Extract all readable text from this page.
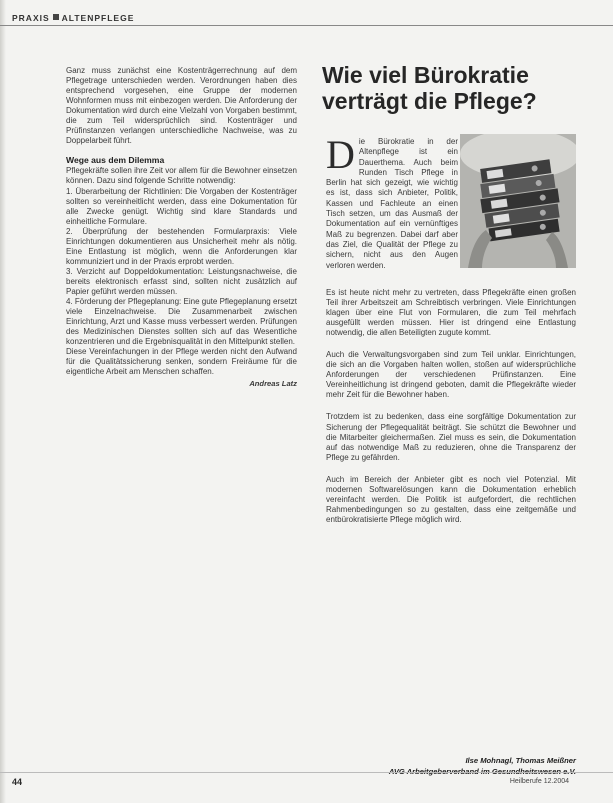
PRAXIS ALTENPFLEGE

Ganz muss zunächst eine Kostenträgerrechnung auf dem Pflegetrage unterschieden werden. Verordnungen haben dies entsprechend vorgesehen, eine Gruppe der modernen Wohnformen muss mit einbezogen werden. Die Anforderung der Dokumentation wird durch eine Vielzahl von Vorgaben bestimmt, die zum Teil widersprüchlich sind. Kostenträger und Prüfinstanzen verlangen unterschiedliche Nachweise, was zu Doppelarbeit führt.

Wege aus dem Dilemma

Pflegekräfte sollen ihre Zeit vor allem für die Bewohner einsetzen können. Dazu sind folgende Schritte notwendig:

1. Überarbeitung der Richtlinien: Die Vorgaben der Kostenträger sollten so vereinheitlicht werden, dass eine Dokumentation für alle Zwecke genügt. Wichtig sind klare Standards und einheitliche Formulare.

2. Überprüfung der bestehenden Formularpraxis: Viele Einrichtungen dokumentieren aus Unsicherheit mehr als nötig. Eine Entlastung ist möglich, wenn die Anforderungen klar kommuniziert und in der Praxis erprobt werden.

3. Verzicht auf Doppeldokumentation: Leistungsnachweise, die bereits elektronisch erfasst sind, sollten nicht zusätzlich auf Papier geführt werden müssen.

4. Förderung der Pflegeplanung: Eine gute Pflegeplanung ersetzt viele Einzelnachweise. Die Zusammenarbeit zwischen Einrichtung, Arzt und Kasse muss verbessert werden. Prüfungen des Medizinischen Dienstes sollten sich auf das Wesentliche konzentrieren und die Ergebnisqualität in den Mittelpunkt stellen.

Diese Vereinfachungen in der Pflege werden nicht den Aufwand für die Qualitätssicherung senken, sondern Freiräume für die eigentliche Arbeit am Menschen schaffen.

Andreas Latz

Wie viel Bürokratie verträgt die Pflege?
Die Bürokratie in der Altenpflege ist ein Dauerthema. Auch beim Runden Tisch Pflege in Berlin hat sich gezeigt, wie wichtig es ist, dass sich Anbieter, Politik, Kassen und Fachleute an einen Tisch setzen, um das Ausmaß der Dokumentation auf ein vernünftiges Maß zu begrenzen. Dabei darf aber das Ziel, die Qualität der Pflege zu sichern, nicht aus den Augen verloren werden.

Es ist heute nicht mehr zu vertreten, dass Pflegekräfte einen großen Teil ihrer Arbeitszeit am Schreibtisch verbringen. Viele Einrichtungen klagen über eine Flut von Formularen, die zum Teil mehrfach ausgefüllt werden müssen. Hier ist dringend eine Entlastung notwendig, die allen Beteiligten zugute kommt.

Auch die Verwaltungsvorgaben sind zum Teil unklar. Einrichtungen, die sich an die Vorgaben halten wollen, stoßen auf widersprüchliche Anforderungen der verschiedenen Prüfinstanzen. Eine Vereinheitlichung ist dringend geboten, damit die Pflegekräfte wieder mehr Zeit für die Bewohner haben.

Trotzdem ist zu bedenken, dass eine sorgfältige Dokumentation zur Sicherung der Pflegequalität beiträgt. Sie schützt die Bewohner und die Mitarbeiter gleichermaßen. Ziel muss es sein, die Dokumentation auf das notwendige Maß zu reduzieren, ohne die Transparenz der Pflege zu gefährden.

Auch im Bereich der Anbieter gibt es noch viel Potenzial. Mit modernen Softwarelösungen kann die Dokumentation erheblich vereinfacht werden. Die Politik ist aufgefordert, die rechtlichen Rahmenbedingungen so zu gestalten, dass eine zeitgemäße und entbürokratisierte Pflege möglich wird.

Ilse Mohnagl, Thomas Meißner
44	Heilberufe 12.2004
